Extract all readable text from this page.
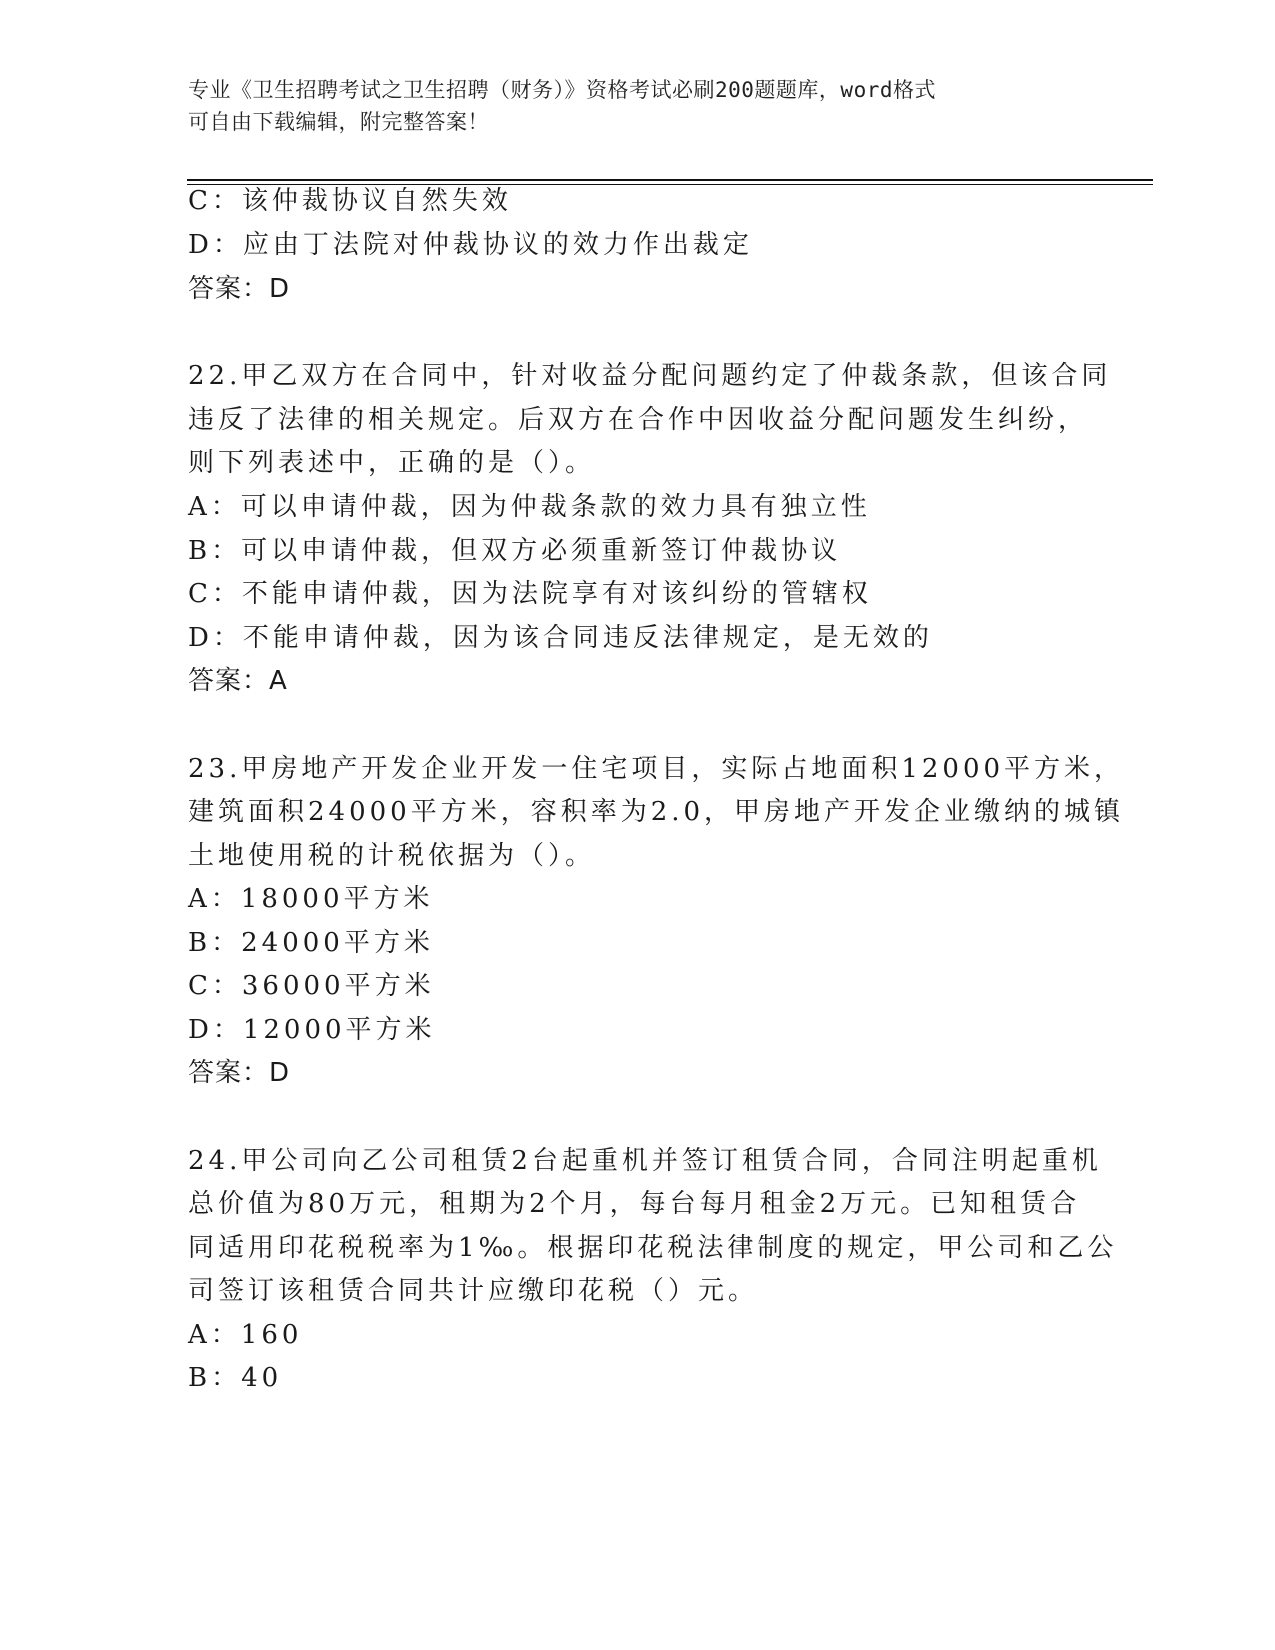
专业《卫生招聘考试之卫生招聘（财务）》资格考试必刷200题题库，word格式
可自由下载编辑，附完整答案！
C：该仲裁协议自然失效
D：应由丁法院对仲裁协议的效力作出裁定
答案：D
22.甲乙双方在合同中，针对收益分配问题约定了仲裁条款，但该合同
违反了法律的相关规定。后双方在合作中因收益分配问题发生纠纷，
则下列表述中，正确的是（）。
A：可以申请仲裁，因为仲裁条款的效力具有独立性
B：可以申请仲裁，但双方必须重新签订仲裁协议
C：不能申请仲裁，因为法院享有对该纠纷的管辖权
D：不能申请仲裁，因为该合同违反法律规定，是无效的
答案：A
23.甲房地产开发企业开发一住宅项目，实际占地面积12000平方米，
建筑面积24000平方米，容积率为2.0，甲房地产开发企业缴纳的城镇
土地使用税的计税依据为（）。
A：18000平方米
B：24000平方米
C：36000平方米
D：12000平方米
答案：D
24.甲公司向乙公司租赁2台起重机并签订租赁合同，合同注明起重机
总价值为80万元，租期为2个月，每台每月租金2万元。已知租赁合
同适用印花税税率为1‰。根据印花税法律制度的规定，甲公司和乙公
司签订该租赁合同共计应缴印花税（）元。
A：160
B：40
